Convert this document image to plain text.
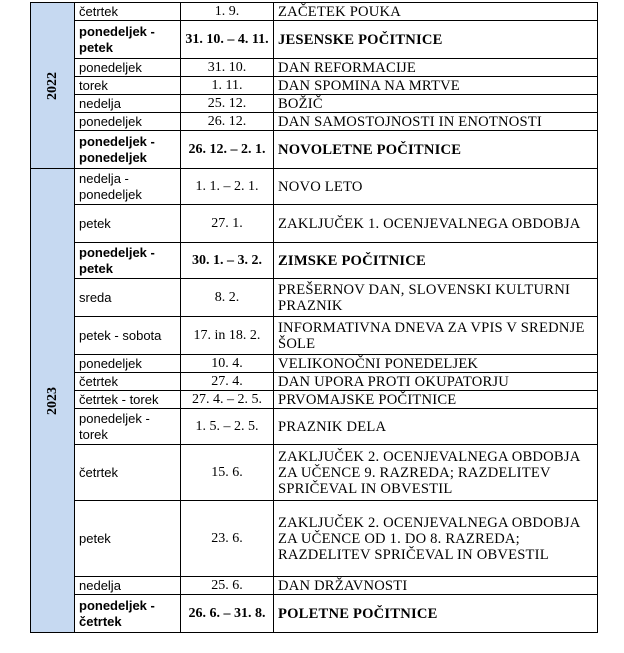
2022	četrtek	1. 9.	ZAČETEK POUKA
	ponedeljek - petek	31. 10. – 4. 11.	JESENSKE POČITNICE
	ponedeljek	31. 10.	DAN REFORMACIJE
	torek	1. 11.	DAN SPOMINA NA MRTVE
	nedelja	25. 12.	BOŽIČ
	ponedeljek	26. 12.	DAN SAMOSTOJNOSTI IN ENOTNOSTI
	ponedeljek - ponedeljek	26. 12. – 2. 1.	NOVOLETNE POČITNICE
2023	nedelja - ponedeljek	1. 1. – 2. 1.	NOVO LETO
	petek	27. 1.	ZAKLJUČEK 1. OCENJEVALNEGA OBDOBJA
	ponedeljek - petek	30. 1. – 3. 2.	ZIMSKE POČITNICE
	sreda	8. 2.	PREŠERNOV DAN, SLOVENSKI KULTURNI PRAZNIK
	petek - sobota	17. in 18. 2.	INFORMATIVNA DNEVA ZA VPIS V SREDNJE ŠOLE
	ponedeljek	10. 4.	VELIKONOČNI PONEDELJEK
	četrtek	27. 4.	DAN UPORA PROTI OKUPATORJU
	četrtek - torek	27. 4. – 2. 5.	PRVOMAJSKE POČITNICE
	ponedeljek - torek	1. 5. – 2. 5.	PRAZNIK DELA
	četrtek	15. 6.	ZAKLJUČEK 2. OCENJEVALNEGA OBDOBJA ZA UČENCE 9. RAZREDA; RAZDELITEV SPRIČEVAL IN OBVESTIL
	petek	23. 6.	ZAKLJUČEK 2. OCENJEVALNEGA OBDOBJA ZA UČENCE OD 1. DO 8. RAZREDA; RAZDELITEV SPRIČEVAL IN OBVESTIL
	nedelja	25. 6.	DAN DRŽAVNOSTI
	ponedeljek - četrtek	26. 6. – 31. 8.	POLETNE POČITNICE
